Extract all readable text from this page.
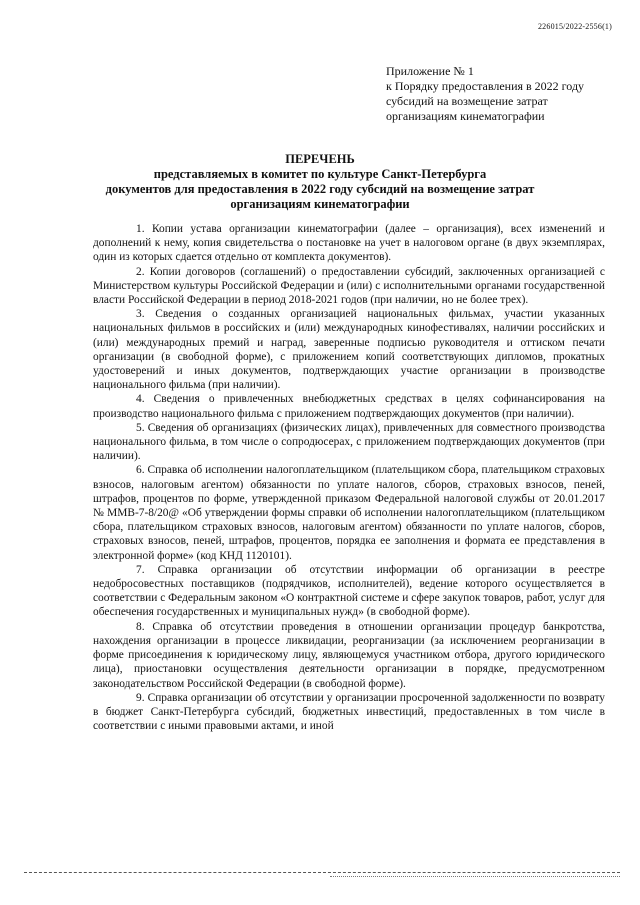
226015/2022-2556(1)
Приложение № 1
к Порядку предоставления в 2022 году
субсидий на возмещение затрат
организациям кинематографии
ПЕРЕЧЕНЬ
представляемых в комитет по культуре Санкт-Петербурга
документов для предоставления в 2022 году субсидий на возмещение затрат
организациям кинематографии

1. Копии устава организации кинематографии (далее – организация), всех изменений и дополнений к нему, копия свидетельства о постановке на учет в налоговом органе (в двух экземплярах, один из которых сдается отдельно от комплекта документов).

2. Копии договоров (соглашений) о предоставлении субсидий, заключенных организацией с Министерством культуры Российской Федерации и (или) с исполнительными органами государственной власти Российской Федерации в период 2018-2021 годов (при наличии, но не более трех).

3. Сведения о созданных организацией национальных фильмах, участии указанных национальных фильмов в российских и (или) международных кинофестивалях, наличии российских и (или) международных премий и наград, заверенные подписью руководителя и оттиском печати организации (в свободной форме), с приложением копий соответствующих дипломов, прокатных удостоверений и иных документов, подтверждающих участие организации в производстве национального фильма (при наличии).

4. Сведения о привлеченных внебюджетных средствах в целях софинансирования на производство национального фильма с приложением подтверждающих документов (при наличии).

5. Сведения об организациях (физических лицах), привлеченных для совместного производства национального фильма, в том числе о сопродюсерах, с приложением подтверждающих документов (при наличии).

6. Справка об исполнении налогоплательщиком (плательщиком сбора, плательщиком страховых взносов, налоговым агентом) обязанности по уплате налогов, сборов, страховых взносов, пеней, штрафов, процентов по форме, утвержденной приказом Федеральной налоговой службы от 20.01.2017 № ММВ-7-8/20@ «Об утверждении формы справки об исполнении налогоплательщиком (плательщиком сбора, плательщиком страховых взносов, налоговым агентом) обязанности по уплате налогов, сборов, страховых взносов, пеней, штрафов, процентов, порядка ее заполнения и формата ее представления в электронной форме» (код КНД 1120101).

7. Справка организации об отсутствии информации об организации в реестре недобросовестных поставщиков (подрядчиков, исполнителей), ведение которого осуществляется в соответствии с Федеральным законом «О контрактной системе и сфере закупок товаров, работ, услуг для обеспечения государственных и муниципальных нужд» (в свободной форме).

8. Справка об отсутствии проведения в отношении организации процедур банкротства, нахождения организации в процессе ликвидации, реорганизации (за исключением реорганизации в форме присоединения к юридическому лицу, являющемуся участником отбора, другого юридического лица), приостановки осуществления деятельности организации в порядке, предусмотренном законодательством Российской Федерации (в свободной форме).

9. Справка организации об отсутствии у организации просроченной задолженности по возврату в бюджет Санкт-Петербурга субсидий, бюджетных инвестиций, предоставленных в том числе в соответствии с иными правовыми актами, и иной
